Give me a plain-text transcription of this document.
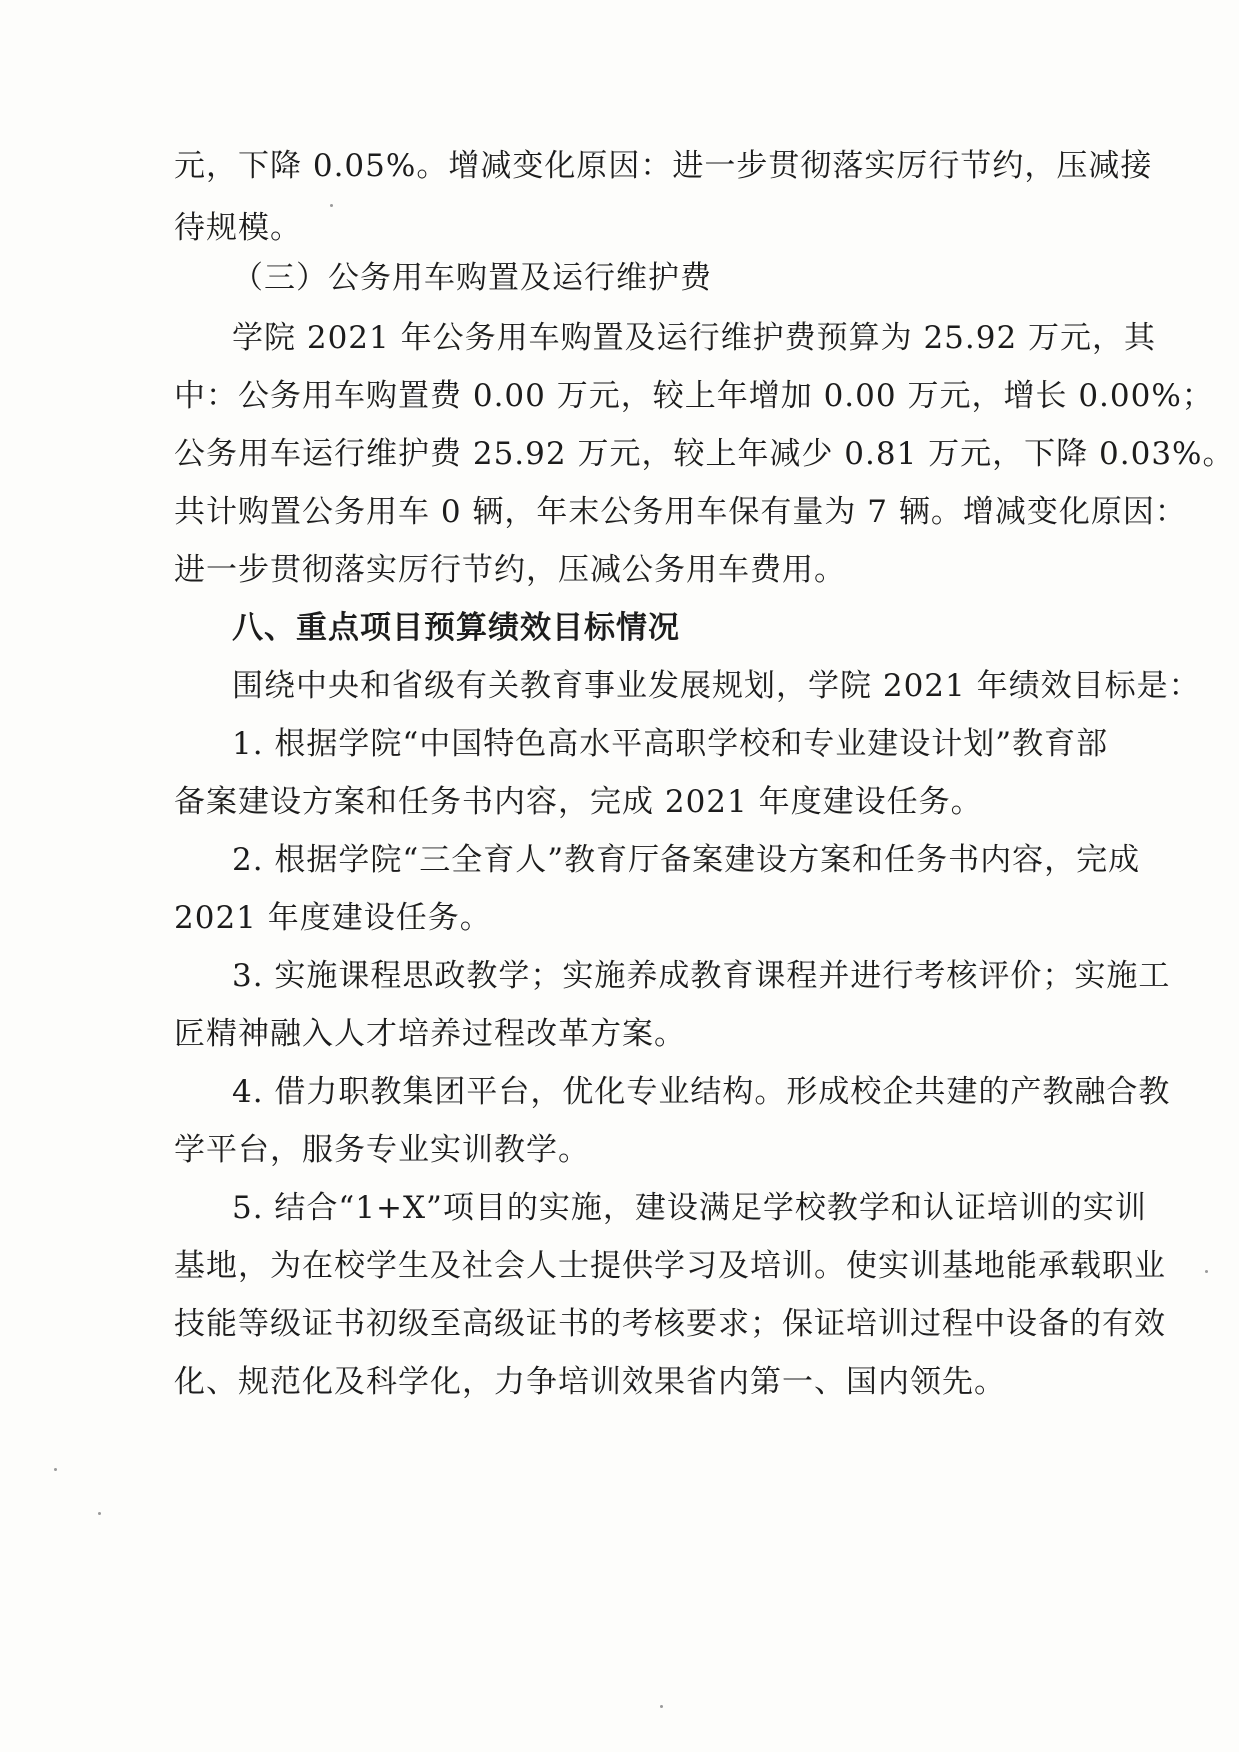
元，下降 0.05%。增减变化原因：进一步贯彻落实厉行节约，压减接
待规模。
（三）公务用车购置及运行维护费
学院 2021 年公务用车购置及运行维护费预算为 25.92 万元，其
中：公务用车购置费 0.00 万元，较上年增加 0.00 万元，增长 0.00%；
公务用车运行维护费 25.92 万元，较上年减少 0.81 万元，下降 0.03%。
共计购置公务用车 0 辆，年末公务用车保有量为 7 辆。增减变化原因：
进一步贯彻落实厉行节约，压减公务用车费用。
八、重点项目预算绩效目标情况
围绕中央和省级有关教育事业发展规划，学院 2021 年绩效目标是：
1. 根据学院“中国特色高水平高职学校和专业建设计划”教育部
备案建设方案和任务书内容，完成 2021 年度建设任务。
2. 根据学院“三全育人”教育厅备案建设方案和任务书内容，完成
2021 年度建设任务。
3. 实施课程思政教学；实施养成教育课程并进行考核评价；实施工
匠精神融入人才培养过程改革方案。
4. 借力职教集团平台，优化专业结构。形成校企共建的产教融合教
学平台，服务专业实训教学。
5. 结合“1+X”项目的实施，建设满足学校教学和认证培训的实训
基地，为在校学生及社会人士提供学习及培训。使实训基地能承载职业
技能等级证书初级至高级证书的考核要求；保证培训过程中设备的有效
化、规范化及科学化，力争培训效果省内第一、国内领先。
